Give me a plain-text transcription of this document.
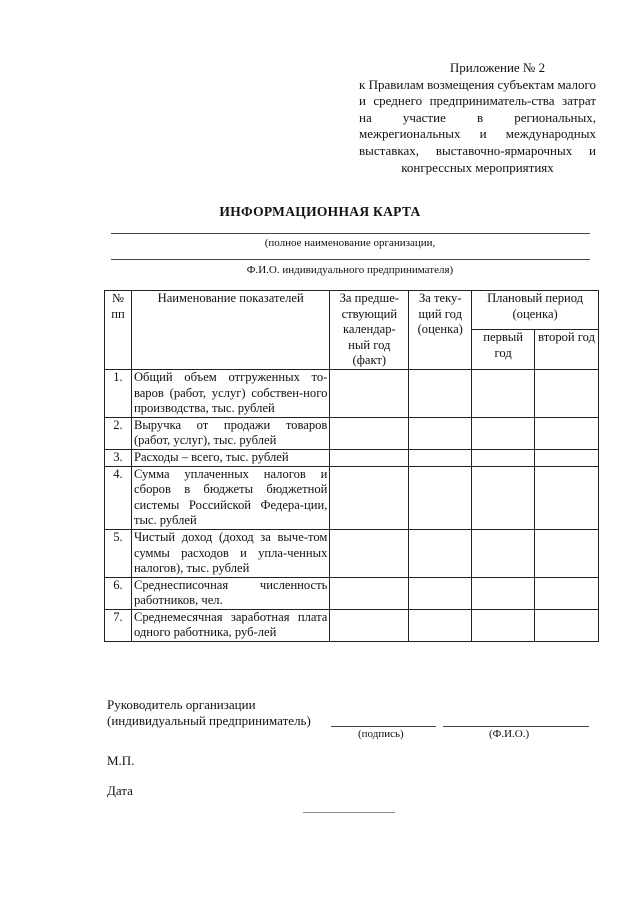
Приложение № 2
к Правилам возмещения субъектам малого и среднего предприниматель-ства затрат на участие в региональных, межрегиональных и международных выставках, выставочно-ярмарочных и
конгрессных мероприятиях
ИНФОРМАЦИОННАЯ КАРТА
(полное наименование организации,
Ф.И.О. индивидуального предпринимателя)
№ пп	Наименование показателей	За предше-ствующий календар-ный год (факт)	За теку-щий год (оценка)	Плановый период (оценка)	
				первый год	второй год
1.	Общий объем отгруженных то-варов (работ, услуг) собствен-ного производства, тыс. рублей				
2.	Выручка от продажи товаров (работ, услуг), тыс. рублей				
3.	Расходы – всего, тыс. рублей				
4.	Сумма уплаченных налогов и сборов в бюджеты бюджетной системы Российской Федера-ции, тыс. рублей				
5.	Чистый доход (доход за выче-том суммы расходов и упла-ченных налогов), тыс. рублей				
6.	Среднесписочная численность работников, чел.				
7.	Среднемесячная заработная плата одного работника, руб-лей				
Руководитель организации
(индивидуальный предприниматель)
(подпись)	(Ф.И.О.)
М.П.
Дата
